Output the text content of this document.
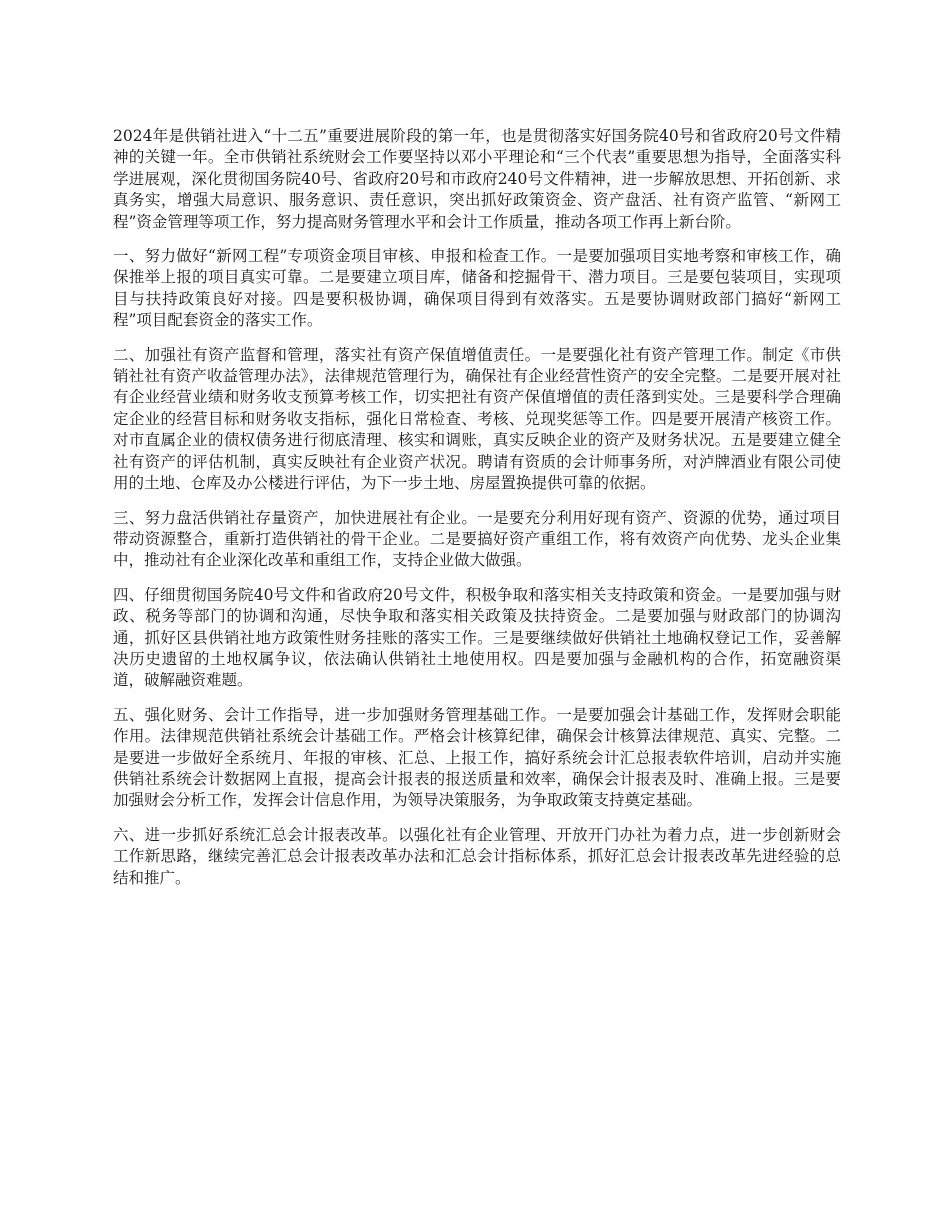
2024年是供销社进入“十二五”重要进展阶段的第一年，也是贯彻落实好国务院40号和省政府20号文件精神的关键一年。全市供销社系统财会工作要坚持以邓小平理论和“三个代表”重要思想为指导，全面落实科学进展观，深化贯彻国务院40号、省政府20号和市政府240号文件精神，进一步解放思想、开拓创新、求真务实，增强大局意识、服务意识、责任意识，突出抓好政策资金、资产盘活、社有资产监管、“新网工程”资金管理等项工作，努力提高财务管理水平和会计工作质量，推动各项工作再上新台阶。

一、努力做好“新网工程”专项资金项目审核、申报和检查工作。一是要加强项目实地考察和审核工作，确保推举上报的项目真实可靠。二是要建立项目库，储备和挖掘骨干、潜力项目。三是要包装项目，实现项目与扶持政策良好对接。四是要积极协调，确保项目得到有效落实。五是要协调财政部门搞好“新网工程”项目配套资金的落实工作。

二、加强社有资产监督和管理，落实社有资产保值增值责任。一是要强化社有资产管理工作。制定《市供销社社有资产收益管理办法》，法律规范管理行为，确保社有企业经营性资产的安全完整。二是要开展对社有企业经营业绩和财务收支预算考核工作，切实把社有资产保值增值的责任落到实处。三是要科学合理确定企业的经营目标和财务收支指标，强化日常检查、考核、兑现奖惩等工作。四是要开展清产核资工作。对市直属企业的债权债务进行彻底清理、核实和调账，真实反映企业的资产及财务状况。五是要建立健全社有资产的评估机制，真实反映社有企业资产状况。聘请有资质的会计师事务所，对泸牌酒业有限公司使用的土地、仓库及办公楼进行评估，为下一步土地、房屋置换提供可靠的依据。

三、努力盘活供销社存量资产，加快进展社有企业。一是要充分利用好现有资产、资源的优势，通过项目带动资源整合，重新打造供销社的骨干企业。二是要搞好资产重组工作，将有效资产向优势、龙头企业集中，推动社有企业深化改革和重组工作，支持企业做大做强。

四、仔细贯彻国务院40号文件和省政府20号文件，积极争取和落实相关支持政策和资金。一是要加强与财政、税务等部门的协调和沟通，尽快争取和落实相关政策及扶持资金。二是要加强与财政部门的协调沟通，抓好区县供销社地方政策性财务挂账的落实工作。三是要继续做好供销社土地确权登记工作，妥善解决历史遗留的土地权属争议，依法确认供销社土地使用权。四是要加强与金融机构的合作，拓宽融资渠道，破解融资难题。

五、强化财务、会计工作指导，进一步加强财务管理基础工作。一是要加强会计基础工作，发挥财会职能作用。法律规范供销社系统会计基础工作。严格会计核算纪律，确保会计核算法律规范、真实、完整。二是要进一步做好全系统月、年报的审核、汇总、上报工作，搞好系统会计汇总报表软件培训，启动并实施供销社系统会计数据网上直报，提高会计报表的报送质量和效率，确保会计报表及时、准确上报。三是要加强财会分析工作，发挥会计信息作用，为领导决策服务，为争取政策支持奠定基础。

六、进一步抓好系统汇总会计报表改革。以强化社有企业管理、开放开门办社为着力点，进一步创新财会工作新思路，继续完善汇总会计报表改革办法和汇总会计指标体系，抓好汇总会计报表改革先进经验的总结和推广。
